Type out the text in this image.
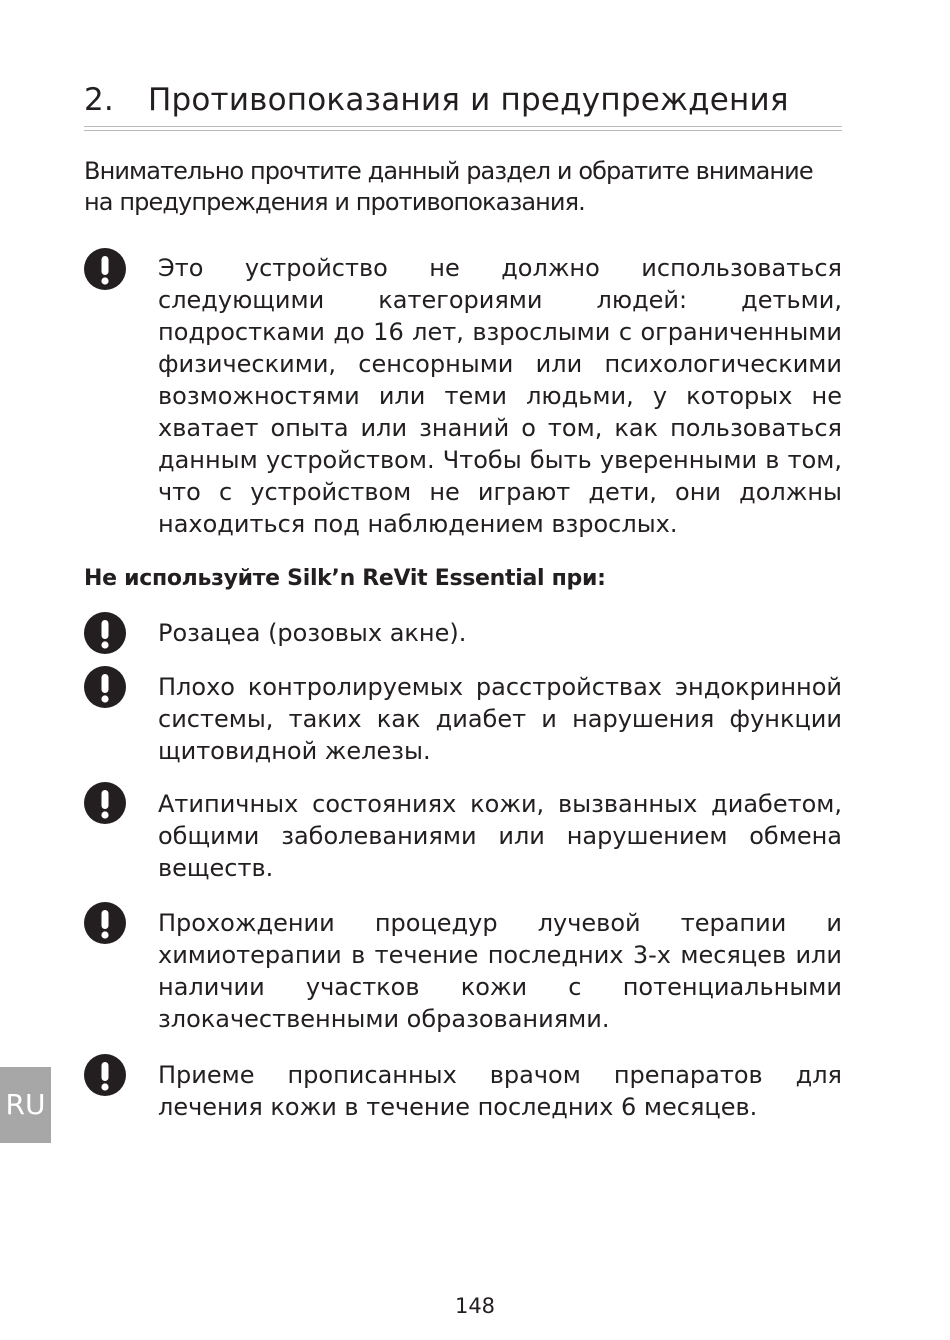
2. Противопоказания и предупреждения

Внимательно прочтите данный раздел и обратите внимание на предупреждения и противопоказания.

Это устройство не должно использоваться следующими категориями людей: детьми, подростками до 16 лет, взрослыми с ограниченными физическими, сенсорными или психологическими возможностями или теми людьми, у которых не хватает опыта или знаний о том, как пользоваться данным устройством. Чтобы быть уверенными в том, что с устройством не играют дети, они должны находиться под наблюдением взрослых.

Не используйте Silk’n ReVit Essential при:

Розацеа (розовых акне).

Плохо контролируемых расстройствах эндокринной системы, таких как диабет и нарушения функции щитовидной железы.

Атипичных состояниях кожи, вызванных диабетом, общими заболеваниями или нарушением обмена веществ.

Прохождении процедур лучевой терапии и химиотерапии в течение последних 3-х месяцев или наличии участков кожи с потенциальными злокачественными образованиями.

Приеме прописанных врачом препаратов для лечения кожи в течение последних 6 месяцев.

RU
148
